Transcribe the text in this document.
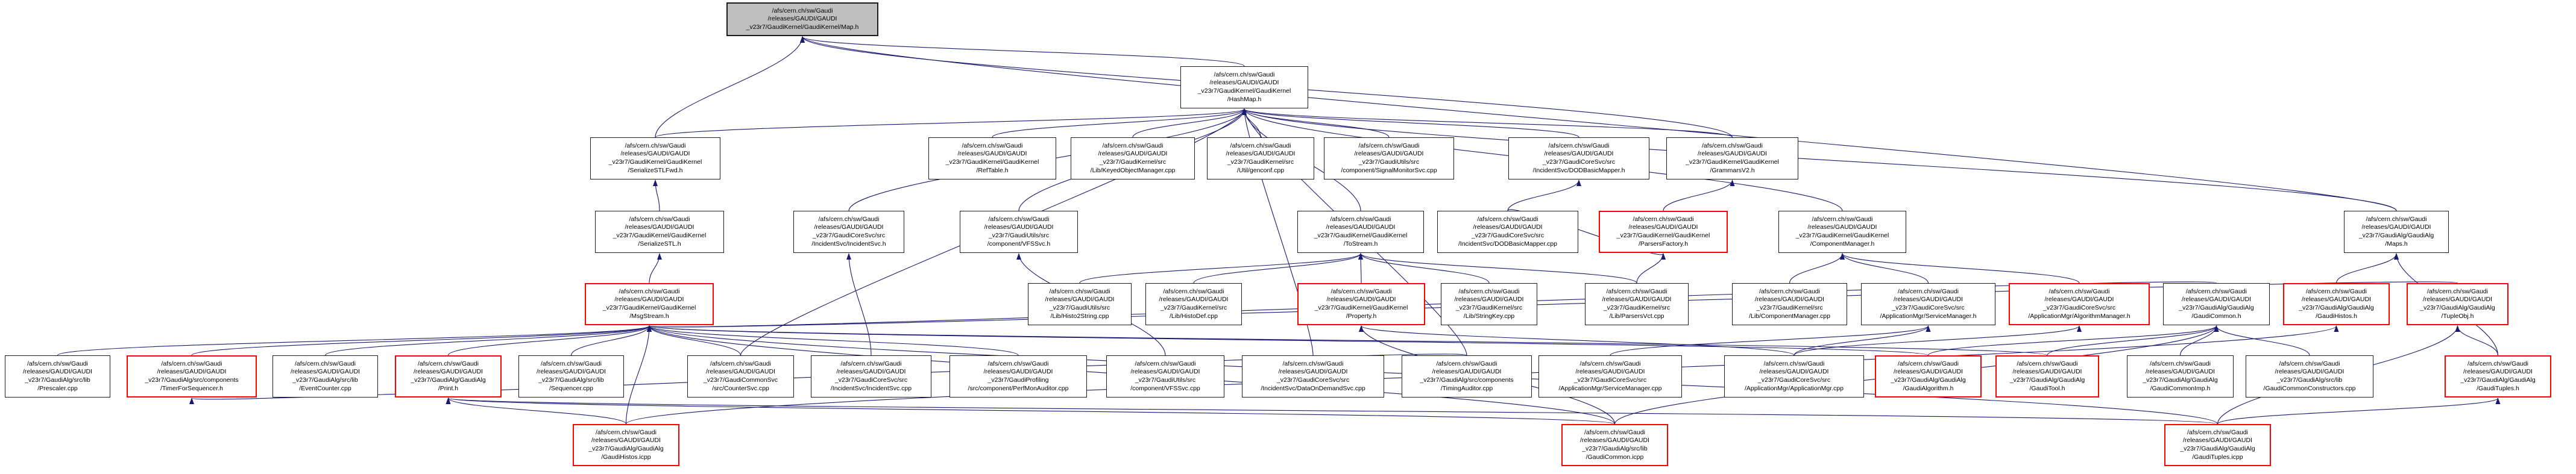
/afs/cern.ch/sw/Gaudi
/releases/GAUDI/GAUDI
_v23r7/GaudiKernel/GaudiKernel/Map.h
/afs/cern.ch/sw/Gaudi
/releases/GAUDI/GAUDI
_v23r7/GaudiKernel/GaudiKernel
/HashMap.h
/afs/cern.ch/sw/Gaudi
/releases/GAUDI/GAUDI
_v23r7/GaudiKernel/GaudiKernel
/SerializeSTLFwd.h
/afs/cern.ch/sw/Gaudi
/releases/GAUDI/GAUDI
_v23r7/GaudiKernel/GaudiKernel
/RefTable.h
/afs/cern.ch/sw/Gaudi
/releases/GAUDI/GAUDI
_v23r7/GaudiKernel/src
/Lib/KeyedObjectManager.cpp
/afs/cern.ch/sw/Gaudi
/releases/GAUDI/GAUDI
_v23r7/GaudiKernel/src
/Util/genconf.cpp
/afs/cern.ch/sw/Gaudi
/releases/GAUDI/GAUDI
_v23r7/GaudiUtils/src
/component/SignalMonitorSvc.cpp
/afs/cern.ch/sw/Gaudi
/releases/GAUDI/GAUDI
_v23r7/GaudiCoreSvc/src
/IncidentSvc/DODBasicMapper.h
/afs/cern.ch/sw/Gaudi
/releases/GAUDI/GAUDI
_v23r7/GaudiKernel/GaudiKernel
/GrammarsV2.h
/afs/cern.ch/sw/Gaudi
/releases/GAUDI/GAUDI
_v23r7/GaudiKernel/GaudiKernel
/SerializeSTL.h
/afs/cern.ch/sw/Gaudi
/releases/GAUDI/GAUDI
_v23r7/GaudiCoreSvc/src
/IncidentSvc/IncidentSvc.h
/afs/cern.ch/sw/Gaudi
/releases/GAUDI/GAUDI
_v23r7/GaudiUtils/src
/component/VFSSvc.h
/afs/cern.ch/sw/Gaudi
/releases/GAUDI/GAUDI
_v23r7/GaudiKernel/GaudiKernel
/ToStream.h
/afs/cern.ch/sw/Gaudi
/releases/GAUDI/GAUDI
_v23r7/GaudiCoreSvc/src
/IncidentSvc/DODBasicMapper.cpp
/afs/cern.ch/sw/Gaudi
/releases/GAUDI/GAUDI
_v23r7/GaudiKernel/GaudiKernel
/ParsersFactory.h
/afs/cern.ch/sw/Gaudi
/releases/GAUDI/GAUDI
_v23r7/GaudiKernel/GaudiKernel
/ComponentManager.h
/afs/cern.ch/sw/Gaudi
/releases/GAUDI/GAUDI
_v23r7/GaudiAlg/GaudiAlg
/Maps.h
/afs/cern.ch/sw/Gaudi
/releases/GAUDI/GAUDI
_v23r7/GaudiKernel/GaudiKernel
/MsgStream.h
/afs/cern.ch/sw/Gaudi
/releases/GAUDI/GAUDI
_v23r7/GaudiUtils/src
/Lib/Histo2String.cpp
/afs/cern.ch/sw/Gaudi
/releases/GAUDI/GAUDI
_v23r7/GaudiKernel/src
/Lib/HistoDef.cpp
/afs/cern.ch/sw/Gaudi
/releases/GAUDI/GAUDI
_v23r7/GaudiKernel/GaudiKernel
/Property.h
/afs/cern.ch/sw/Gaudi
/releases/GAUDI/GAUDI
_v23r7/GaudiKernel/src
/Lib/StringKey.cpp
/afs/cern.ch/sw/Gaudi
/releases/GAUDI/GAUDI
_v23r7/GaudiKernel/src
/Lib/ParsersVct.cpp
/afs/cern.ch/sw/Gaudi
/releases/GAUDI/GAUDI
_v23r7/GaudiKernel/src
/Lib/ComponentManager.cpp
/afs/cern.ch/sw/Gaudi
/releases/GAUDI/GAUDI
_v23r7/GaudiCoreSvc/src
/ApplicationMgr/ServiceManager.h
/afs/cern.ch/sw/Gaudi
/releases/GAUDI/GAUDI
_v23r7/GaudiCoreSvc/src
/ApplicationMgr/AlgorithmManager.h
/afs/cern.ch/sw/Gaudi
/releases/GAUDI/GAUDI
_v23r7/GaudiAlg/GaudiAlg
/GaudiCommon.h
/afs/cern.ch/sw/Gaudi
/releases/GAUDI/GAUDI
_v23r7/GaudiAlg/GaudiAlg
/GaudiHistos.h
/afs/cern.ch/sw/Gaudi
/releases/GAUDI/GAUDI
_v23r7/GaudiAlg/GaudiAlg
/TupleObj.h
/afs/cern.ch/sw/Gaudi
/releases/GAUDI/GAUDI
_v23r7/GaudiAlg/src/lib
/Prescaler.cpp
/afs/cern.ch/sw/Gaudi
/releases/GAUDI/GAUDI
_v23r7/GaudiAlg/src/components
/TimerForSequencer.h
/afs/cern.ch/sw/Gaudi
/releases/GAUDI/GAUDI
_v23r7/GaudiAlg/src/lib
/EventCounter.cpp
/afs/cern.ch/sw/Gaudi
/releases/GAUDI/GAUDI
_v23r7/GaudiAlg/GaudiAlg
/Print.h
/afs/cern.ch/sw/Gaudi
/releases/GAUDI/GAUDI
_v23r7/GaudiAlg/src/lib
/Sequencer.cpp
/afs/cern.ch/sw/Gaudi
/releases/GAUDI/GAUDI
_v23r7/GaudiCommonSvc
/src/CounterSvc.cpp
/afs/cern.ch/sw/Gaudi
/releases/GAUDI/GAUDI
_v23r7/GaudiCoreSvc/src
/IncidentSvc/IncidentSvc.cpp
/afs/cern.ch/sw/Gaudi
/releases/GAUDI/GAUDI
_v23r7/GaudiProfiling
/src/component/PerfMonAuditor.cpp
/afs/cern.ch/sw/Gaudi
/releases/GAUDI/GAUDI
_v23r7/GaudiUtils/src
/component/VFSSvc.cpp
/afs/cern.ch/sw/Gaudi
/releases/GAUDI/GAUDI
_v23r7/GaudiCoreSvc/src
/IncidentSvc/DataOnDemandSvc.cpp
/afs/cern.ch/sw/Gaudi
/releases/GAUDI/GAUDI
_v23r7/GaudiAlg/src/components
/TimingAuditor.cpp
/afs/cern.ch/sw/Gaudi
/releases/GAUDI/GAUDI
_v23r7/GaudiCoreSvc/src
/ApplicationMgr/ServiceManager.cpp
/afs/cern.ch/sw/Gaudi
/releases/GAUDI/GAUDI
_v23r7/GaudiCoreSvc/src
/ApplicationMgr/ApplicationMgr.cpp
/afs/cern.ch/sw/Gaudi
/releases/GAUDI/GAUDI
_v23r7/GaudiAlg/GaudiAlg
/GaudiAlgorithm.h
/afs/cern.ch/sw/Gaudi
/releases/GAUDI/GAUDI
_v23r7/GaudiAlg/GaudiAlg
/GaudiTool.h
/afs/cern.ch/sw/Gaudi
/releases/GAUDI/GAUDI
_v23r7/GaudiAlg/GaudiAlg
/GaudiCommonImp.h
/afs/cern.ch/sw/Gaudi
/releases/GAUDI/GAUDI
_v23r7/GaudiAlg/src/lib
/GaudiCommonConstructors.cpp
/afs/cern.ch/sw/Gaudi
/releases/GAUDI/GAUDI
_v23r7/GaudiAlg/GaudiAlg
/GaudiTuples.h
/afs/cern.ch/sw/Gaudi
/releases/GAUDI/GAUDI
_v23r7/GaudiAlg/GaudiAlg
/GaudiHistos.icpp
/afs/cern.ch/sw/Gaudi
/releases/GAUDI/GAUDI
_v23r7/GaudiAlg/src/lib
/GaudiCommon.icpp
/afs/cern.ch/sw/Gaudi
/releases/GAUDI/GAUDI
_v23r7/GaudiAlg/GaudiAlg
/GaudiTuples.icpp
